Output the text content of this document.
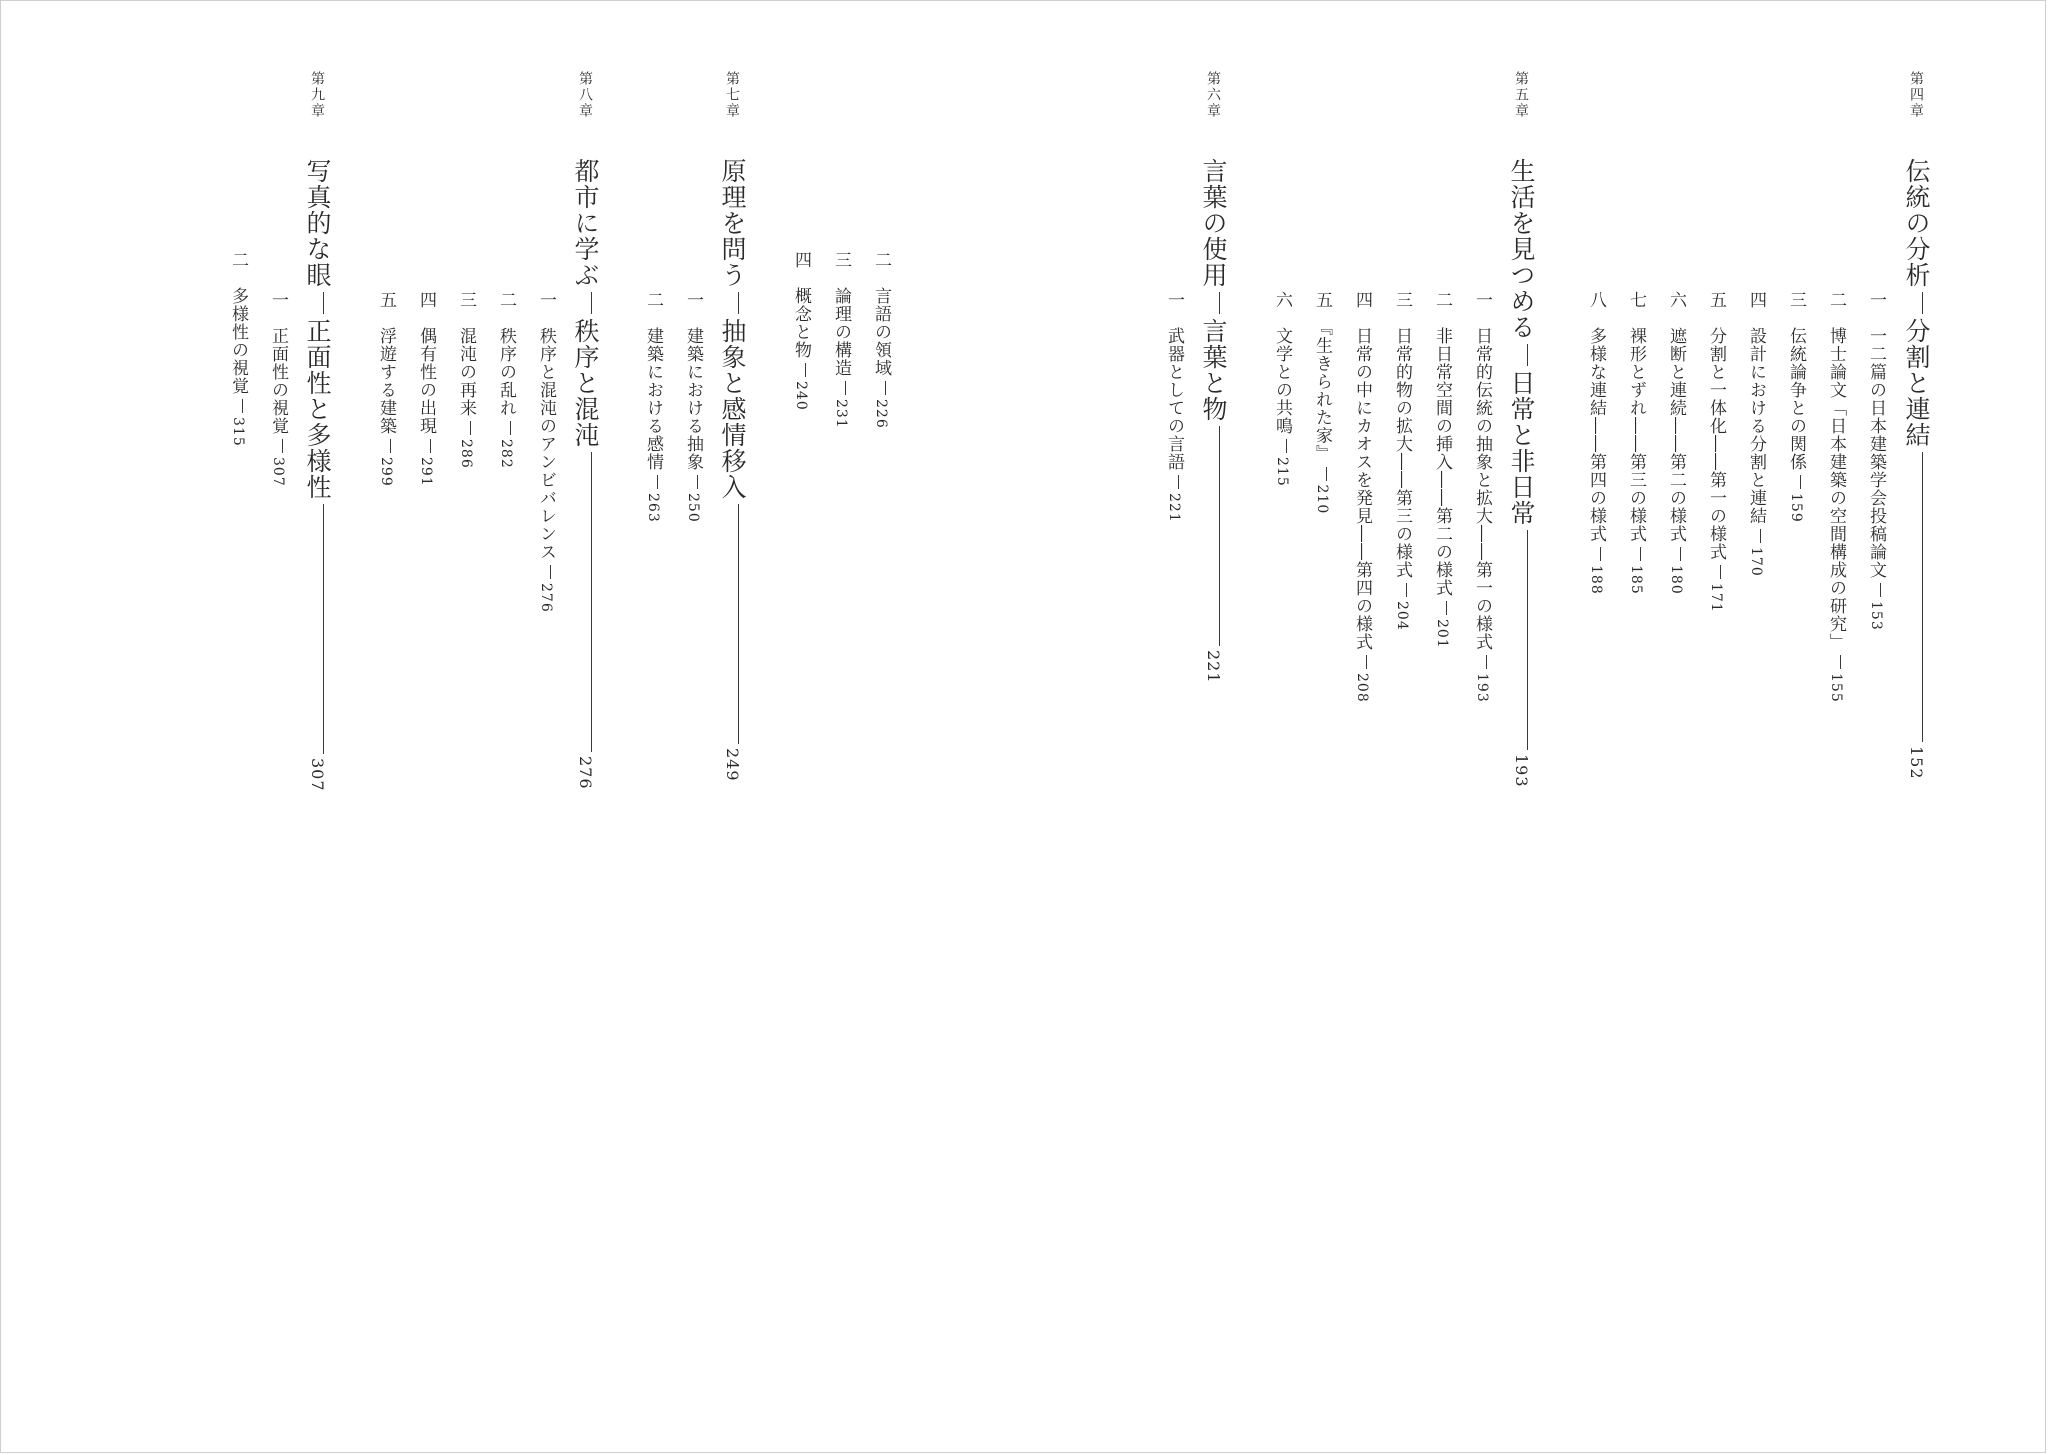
第四章
伝統の分析分割と連結152
一　一二篇の日本建築学会投稿論文153
二　博士論文「日本建築の空間構成の研究」155
三　伝統論争との関係159
四　設計における分割と連結170
五　分割と一体化――第一の様式171
六　遮断と連続――第二の様式180
七　裸形とずれ――第三の様式185
八　多様な連結――第四の様式188
第五章
生活を見つめる日常と非日常193
一　日常的伝統の抽象と拡大――第一の様式193
二　非日常空間の挿入――第二の様式201
三　日常的物の拡大――第三の様式204
四　日常の中にカオスを発見――第四の様式208
五　『生きられた家』210
六　文学との共鳴215
第六章
言葉の使用言葉と物221
一　武器としての言語221
二　言語の領域226
三　論理の構造231
四　概念と物240
第七章
原理を問う抽象と感情移入249
一　建築における抽象250
二　建築における感情263
第八章
都市に学ぶ秩序と混沌276
一　秩序と混沌のアンビバレンス276
二　秩序の乱れ282
三　混沌の再来286
四　偶有性の出現291
五　浮遊する建築299
第九章
写真的な眼正面性と多様性307
一　正面性の視覚307
二　多様性の視覚315
